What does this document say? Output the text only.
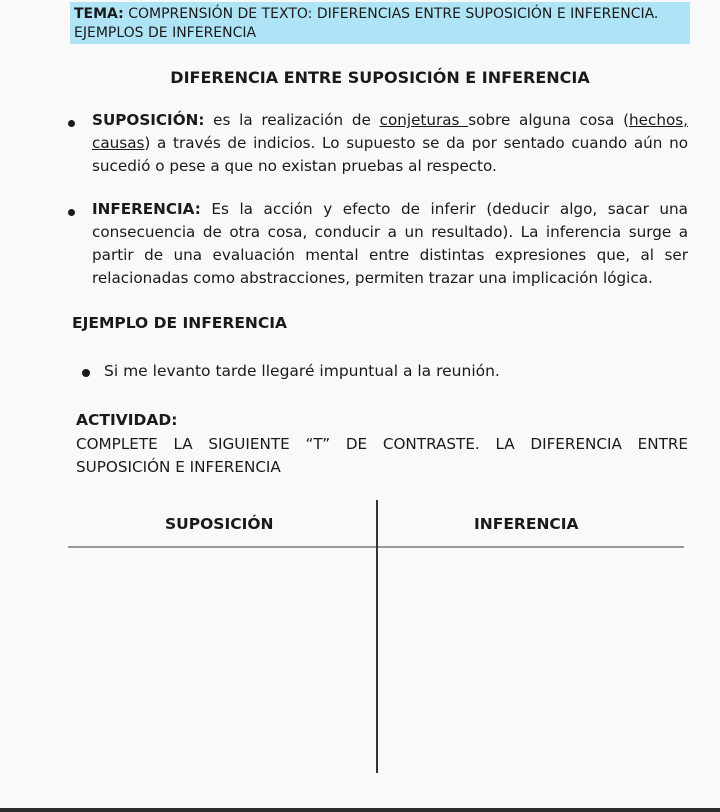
TEMA: COMPRENSIÓN DE TEXTO: DIFERENCIAS ENTRE SUPOSICIÓN E INFERENCIA.
EJEMPLOS DE INFERENCIA
DIFERENCIA ENTRE SUPOSICIÓN E INFERENCIA
SUPOSICIÓN: es la realización de conjeturas sobre alguna cosa (hechos, causas) a través de indicios. Lo supuesto se da por sentado cuando aún no sucedió o pese a que no existan pruebas al respecto.
INFERENCIA: Es la acción y efecto de inferir (deducir algo, sacar una consecuencia de otra cosa, conducir a un resultado). La inferencia surge a partir de una evaluación mental entre distintas expresiones que, al ser relacionadas como abstracciones, permiten trazar una implicación lógica.
EJEMPLO DE INFERENCIA
Si me levanto tarde llegaré impuntual a la reunión.
ACTIVIDAD:
COMPLETE LA SIGUIENTE “T” DE CONTRASTE. LA DIFERENCIA ENTRE SUPOSICIÓN E INFERENCIA
SUPOSICIÓN	INFERENCIA
